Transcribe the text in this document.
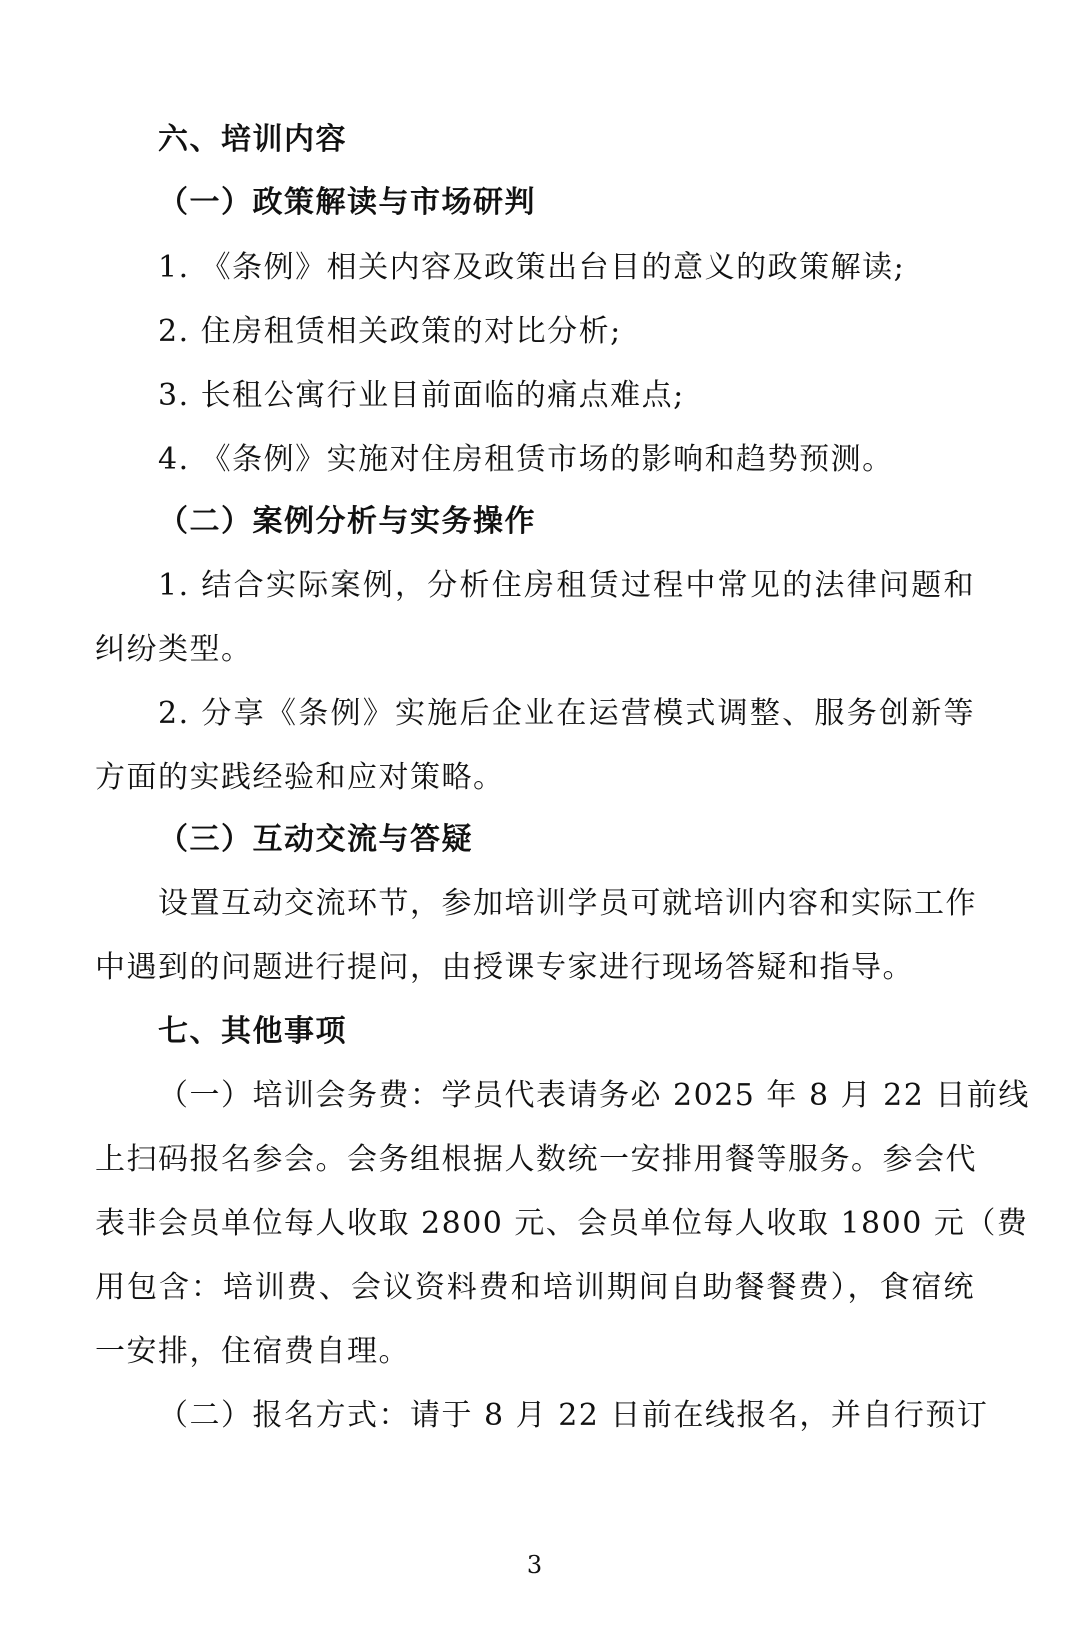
六、培训内容
（一）政策解读与市场研判
1. 《条例》相关内容及政策出台目的意义的政策解读;
2. 住房租赁相关政策的对比分析;
3. 长租公寓行业目前面临的痛点难点;
4. 《条例》实施对住房租赁市场的影响和趋势预测。
（二）案例分析与实务操作
1. 结合实际案例，分析住房租赁过程中常见的法律问题和
纠纷类型。
2. 分享《条例》实施后企业在运营模式调整、服务创新等
方面的实践经验和应对策略。
（三）互动交流与答疑
设置互动交流环节，参加培训学员可就培训内容和实际工作
中遇到的问题进行提问，由授课专家进行现场答疑和指导。
七、其他事项
（一）培训会务费：学员代表请务必 2025 年 8 月 22 日前线
上扫码报名参会。会务组根据人数统一安排用餐等服务。参会代
表非会员单位每人收取 2800 元、会员单位每人收取 1800 元（费
用包含：培训费、会议资料费和培训期间自助餐餐费），食宿统
一安排，住宿费自理。
（二）报名方式：请于 8 月 22 日前在线报名，并自行预订
3
